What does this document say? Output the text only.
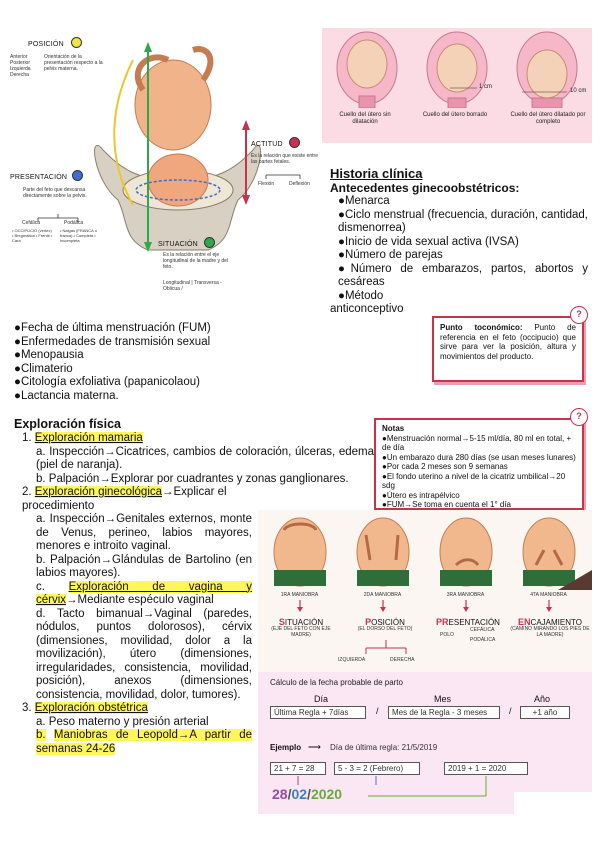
POSICIÓN
Anterior
Posterior
Izquierda
Derecha
Orientación de la presentación respecto a la pelvis materna.
PRESENTACIÓN
Parte del feto que descansa directamente sobre la pelvis.
Cefálica	Podálica
• OCCIPUCIO (vertex) • Bregmática • Frente • Cara
• Nalgas (FRANCA o franca) • Completa • Incompleta
ACTITUD
Es la relación que existe entre las partes fetales.
Flexión	Deflexión
SITUACIÓN
Es la relación entre el eje longitudinal de la madre y del feto.
Longitudinal | Transversa - Oblicua /
1 cm
10 cm
Cuello del útero sin dilatación
Cuello del útero borrado	Cuello del útero dilatado por completo
Historia clínica
Antecedentes ginecoobstétricos:
●Menarca
●Ciclo menstrual (frecuencia, duración, cantidad, dismenorrea)
●Inicio de vida sexual activa (IVSA)
●Número de parejas
●Número de embarazos, partos, abortos y cesáreas
●Método
anticonceptivo
●Fecha de última menstruación (FUM)
●Enfermedades de transmisión sexual
●Menopausia
●Climaterio
●Citología exfoliativa (papanicolaou)
●Lactancia materna.
?
Punto toconómico: Punto de referencia en el feto (occipucio) que sirve para ver la posición, altura y movimientos del producto.
?
Notas
●Menstruación normal→5-15 ml/día, 80 ml en total, + de día
●Un embarazo dura 280 días (se usan meses lunares)
●Por cada 2 meses son 9 semanas
●El fondo uterino a nivel de la cicatriz umbilical→20 sdg
●Útero es intrapélvico
●FUM→Se toma en cuenta el 1° día
Exploración física
1. Exploración mamaria
a. Inspección→Cicatrices, cambios de coloración, úlceras, edema (piel de naranja).
b. Palpación→Explorar por cuadrantes y zonas ganglionares.
2. Exploración ginecológica→Explicar el procedimiento
a. Inspección→Genitales externos, monte de Venus, perineo, labios mayores, menores e introito vaginal.
b. Palpación→Glándulas de Bartolino (en labios mayores).
c. Exploración de vagina y cérvix→Mediante espéculo vaginal
d. Tacto bimanual→Vaginal (paredes, nódulos, puntos dolorosos), cérvix (dimensiones, movilidad, dolor a la movilización), útero (dimensiones, irregularidades, consistencia, movilidad, posición), anexos (dimensiones, consistencia, movilidad, dolor, tumores).
3. Exploración obstétrica
a. Peso materno y presión arterial
b. Maniobras de Leopold→A partir de semanas 24-26
1RA MANIOBRA	2DA MANIOBRA	3RA MANIOBRA	4TA MANIOBRA
SITUACIÓN
(EJE DEL FETO CON EJE MADRE)
POSICIÓN
(EL DORSO DEL FETO)
PRESENTACIÓN
POLO
CEFÁLICA
PODÁLICA
ENCAJAMIENTO
(CAMINO MIRANDO LOS PIES DE LA MADRE)
IZQUIERDA	DERECHA
Cálculo de la fecha probable de parto
Día	Mes	Año
Última Regla + 7días	/	Mes de la Regla - 3 meses	/	+1 año
Ejemplo ⟶ Día de última regla: 21/5/2019
21 + 7 = 28	5 - 3 = 2 (Febrero)	2019 + 1 = 2020
28/02/2020
